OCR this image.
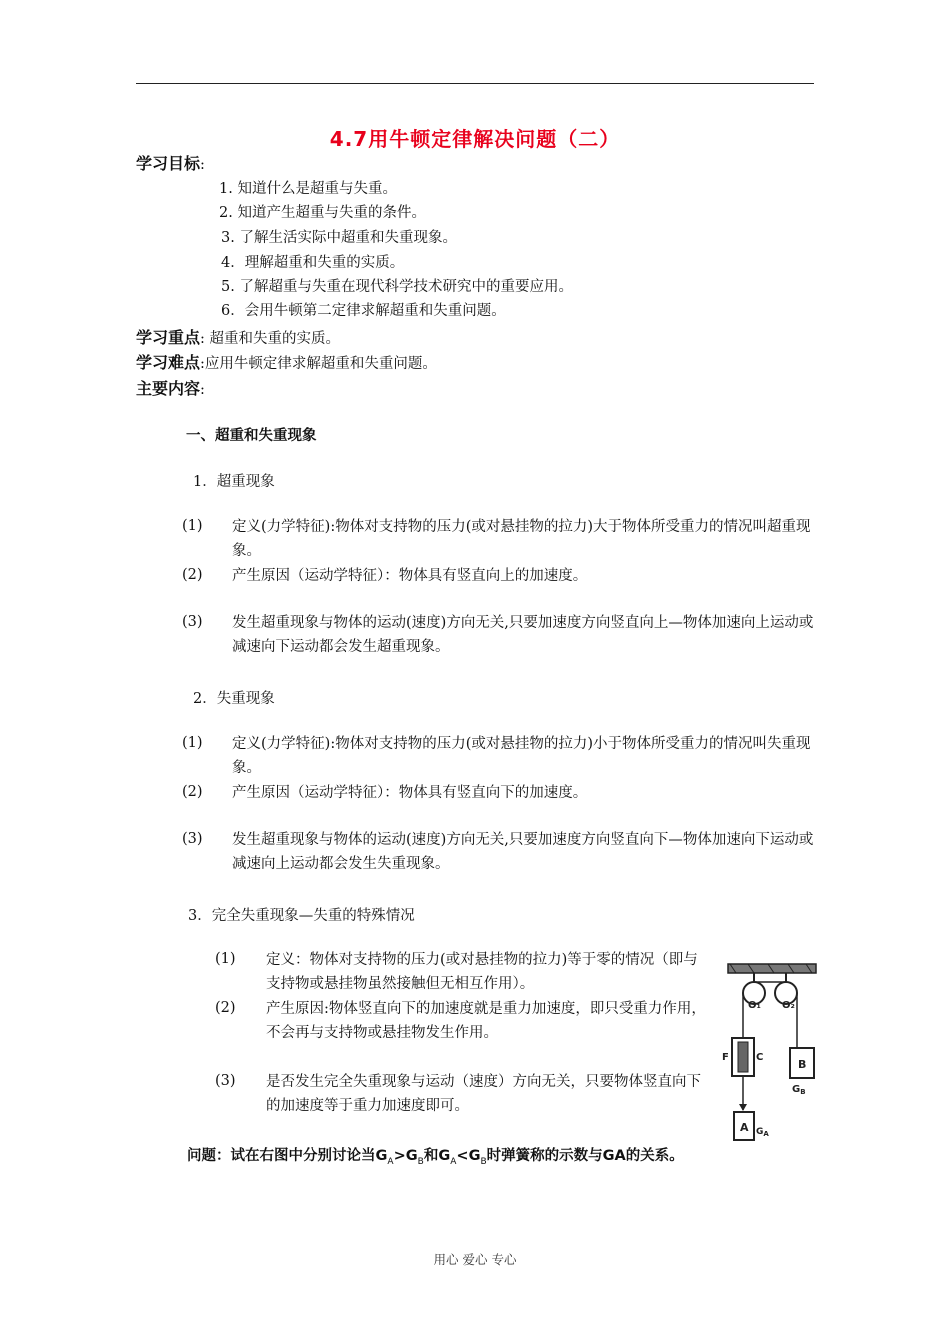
4.7用牛顿定律解决问题（二）
学习目标:
1. 知道什么是超重与失重。
2. 知道产生超重与失重的条件。
3. 了解生活实际中超重和失重现象。
4．理解超重和失重的实质。
5. 了解超重与失重在现代科学技术研究中的重要应用。
6．会用牛顿第二定律求解超重和失重问题。
学习重点: 超重和失重的实质。
学习难点:应用牛顿定律求解超重和失重问题。
主要内容:
一、超重和失重现象
1．超重现象
(1) 定义(力学特征):物体对支持物的压力(或对悬挂物的拉力)大于物体所受重力的情况叫超重现象。
(2) 产生原因（运动学特征）：物体具有竖直向上的加速度。
(3) 发生超重现象与物体的运动(速度)方向无关,只要加速度方向竖直向上—物体加速向上运动或减速向下运动都会发生超重现象。
2．失重现象
(1) 定义(力学特征):物体对支持物的压力(或对悬挂物的拉力)小于物体所受重力的情况叫失重现象。
(2) 产生原因（运动学特征）：物体具有竖直向下的加速度。
(3) 发生超重现象与物体的运动(速度)方向无关,只要加速度方向竖直向下—物体加速向下运动或减速向上运动都会发生失重现象。
3．完全失重现象—失重的特殊情况
(1) 定义：物体对支持物的压力(或对悬挂物的拉力)等于零的情况（即与支持物或悬挂物虽然接触但无相互作用）。
(2) 产生原因:物体竖直向下的加速度就是重力加速度，即只受重力作用，不会再与支持物或悬挂物发生作用。
(3) 是否发生完全失重现象与运动（速度）方向无关，只要物体竖直向下的加速度等于重力加速度即可。
问题：试在右图中分别讨论当$G_A>G_B$和$G_A<G_B$时弹簧称的示数与GA的关系。
O₁ O₂
F	C
B
$G_B$
A $G_A$
用心 爱心 专心
